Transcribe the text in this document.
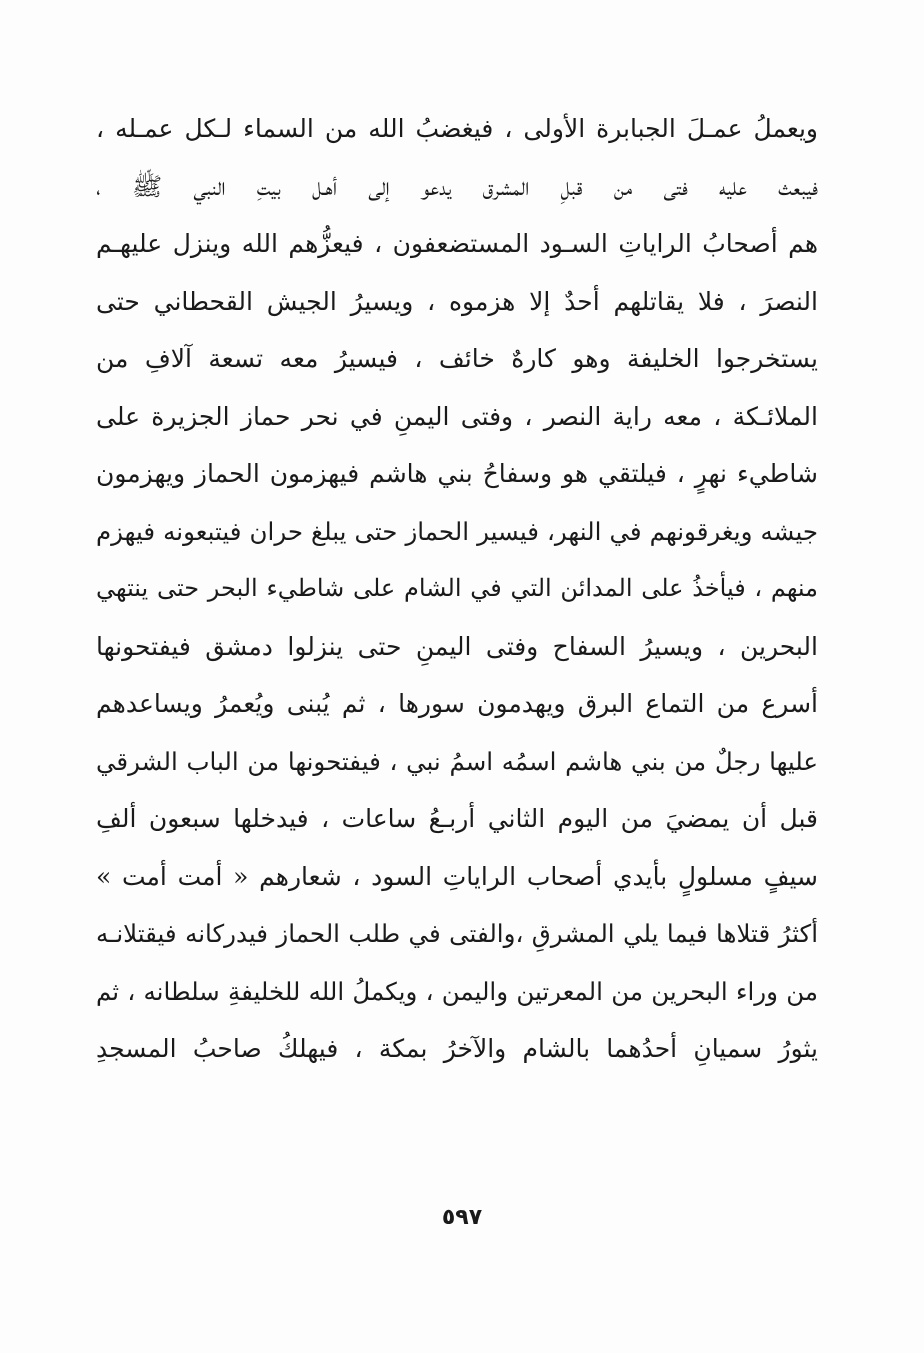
ويعملُ عمـلَ الجبابرة الأولى ، فيغضبُ الله من السماء لـكل عمـله ،
فيبعث عليه فتى من قبلِ المشرق يدعو إلى أهـل بيتِ النبي ﷺ ،
هم أصحابُ الراياتِ السـود المستضعفون ، فيعزُّهم الله وينزل عليهـم
النصرَ ، فلا يقاتلهم أحدٌ إلا هزموه ، ويسيرُ الجيش القحطاني حتى
يستخرجوا الخليفة وهو كارهٌ خائف ، فيسيرُ معه تسعة آلافِ من
الملائـكة ، معه راية النصر ، وفتى اليمنِ في نحر حماز الجزيرة على
شاطيء نهرٍ ، فيلتقي هو وسفاحُ بني هاشم فيهزمون الحماز ويهزمون
جيشه ويغرقونهم في النهر، فيسير الحماز حتى يبلغ حران فيتبعونه فيهزم
منهم ، فيأخذُ على المدائن التي في الشام على شاطيء البحر حتى ينتهي
البحرين ، ويسيرُ السفاح وفتى اليمنِ حتى ينزلوا دمشق فيفتحونها
أسرع من التماع البرق ويهدمون سورها ، ثم يُبنى ويُعمرُ ويساعدهم
عليها رجلٌ من بني هاشم اسمُه اسمُ نبي ، فيفتحونها من الباب الشرقي
قبل أن يمضيَ من اليوم الثاني أربـعُ ساعات ، فيدخلها سبعون ألفِ
سيفٍ مسلولٍ بأيدي أصحاب الراياتِ السود ، شعارهم « أمت أمت »
أكثرُ قتلاها فيما يلي المشرقِ ،والفتى في طلب الحماز فيدركانه فيقتلانـه
من وراء البحرين من المعرتين واليمن ، ويكملُ الله للخليفةِ سلطانه ، ثم
يثورُ سميانِ أحدُهما بالشام والآخرُ بمكة ، فيهلكُ صاحبُ المسجدِ
٥٩٧
